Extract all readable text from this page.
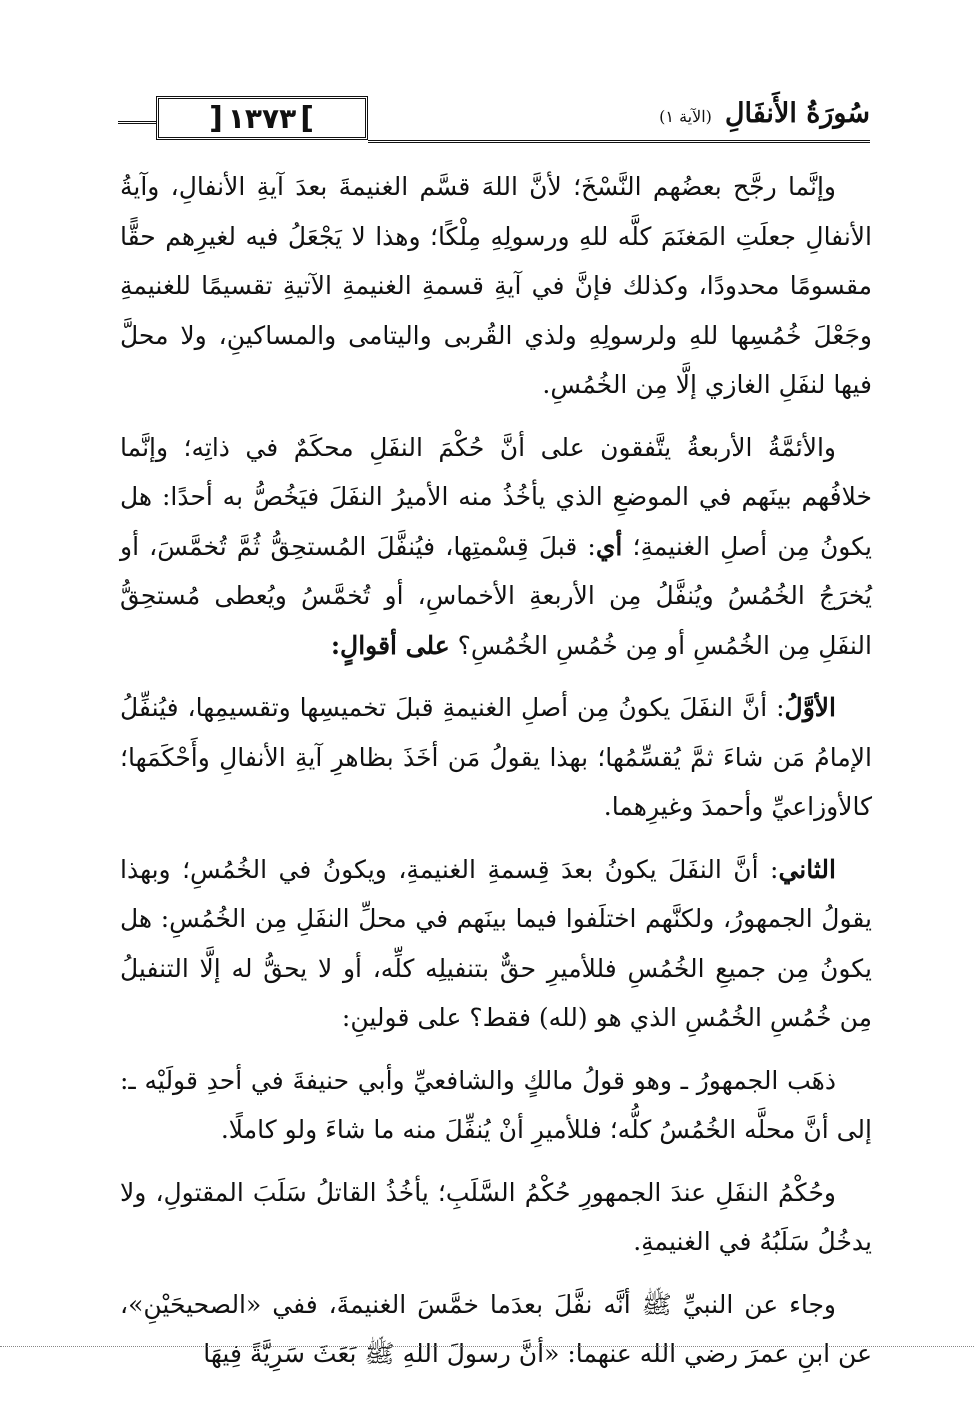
]
١٣٧٣
[	سُورَةُ الأَنفَالِ (الآية ١)

وإنَّما رجَّح بعضُهم النَّسْخَ؛ لأنَّ اللهَ قسَّم الغنيمةَ بعدَ آيةِ الأنفالِ، وآيةُ الأنفالِ جعلَتِ المَغنَمَ كلَّه للهِ ورسولِهِ مِلْكًا؛ وهذا لا يَجْعَلُ فيه لغيرِهم حقًّا مقسومًا محدودًا، وكذلك فإنَّ في آيةِ قسمةِ الغنيمةِ الآتيةِ تقسيمًا للغنيمةِ وجَعْلَ خُمُسِها للهِ ولرسولِهِ ولذي القُربى واليتامى والمساكينِ، ولا محلَّ فيها لنفَلِ الغازي إلَّا مِن الخُمُسِ.

والأئمَّةُ الأربعةُ يتَّفقون على أنَّ حُكْمَ النفَلِ محكَمٌ في ذاتِه؛ وإنَّما خلافُهم بينَهم في الموضعِ الذي يأخُذُ منه الأميرُ النفَلَ فيَخُصُّ به أحدًا: هل يكونُ مِن أصلِ الغنيمةِ؛ أي: قبلَ قِسْمتِها، فيُنفَّلَ المُستحِقُّ ثُمَّ تُخمَّسَ، أو يُخرَجُ الخُمُسُ ويُنفَّلُ مِن الأربعةِ الأخماسِ، أو تُخمَّسُ ويُعطى مُستحِقُّ النفَلِ مِن الخُمُسِ أو مِن خُمُسِ الخُمُسِ؟ على أقوالٍ:

الأوَّلُ: أنَّ النفَلَ يكونُ مِن أصلِ الغنيمةِ قبلَ تخميسِها وتقسيمِها، فيُنفِّلُ الإمامُ مَن شاءَ ثمَّ يُقسِّمُها؛ بهذا يقولُ مَن أخَذَ بظاهرِ آيةِ الأنفالِ وأَحْكَمَها؛ كالأوزاعيِّ وأحمدَ وغيرِهما.

الثاني: أنَّ النفَلَ يكونُ بعدَ قِسمةِ الغنيمةِ، ويكونُ في الخُمُسِ؛ وبهذا يقولُ الجمهورُ، ولكنَّهم اختلَفوا فيما بينَهم في محلِّ النفَلِ مِن الخُمُسِ: هل يكونُ مِن جميعِ الخُمُسِ فللأميرِ حقٌّ بتنفيلِه كلِّه، أو لا يحقُّ له إلَّا التنفيلُ مِن خُمُسِ الخُمُسِ الذي هو (لله) فقط؟ على قولينِ:

ذهَب الجمهورُ ـ وهو قولُ مالكٍ والشافعيِّ وأبي حنيفةَ في أحدِ قولَيْه ـ: إلى أنَّ محلَّه الخُمُسُ كلُّه؛ فللأميرِ أنْ يُنفِّلَ منه ما شاءَ ولو كاملًا.

وحُكْمُ النفَلِ عندَ الجمهورِ حُكْمُ السَّلَبِ؛ يأخُذُ القاتلُ سَلَبَ المقتولِ، ولا يدخُلُ سَلَبُهُ في الغنيمةِ.

وجاء عن النبيِّ ﷺ أنَّه نفَّلَ بعدَما خمَّسَ الغنيمةَ، ففي «الصحيحَيْنِ»، عن ابنِ عمرَ رضي الله عنهما: «أنَّ رسولَ اللهِ ﷺ بَعَثَ سَرِيَّةً فِيهَا
